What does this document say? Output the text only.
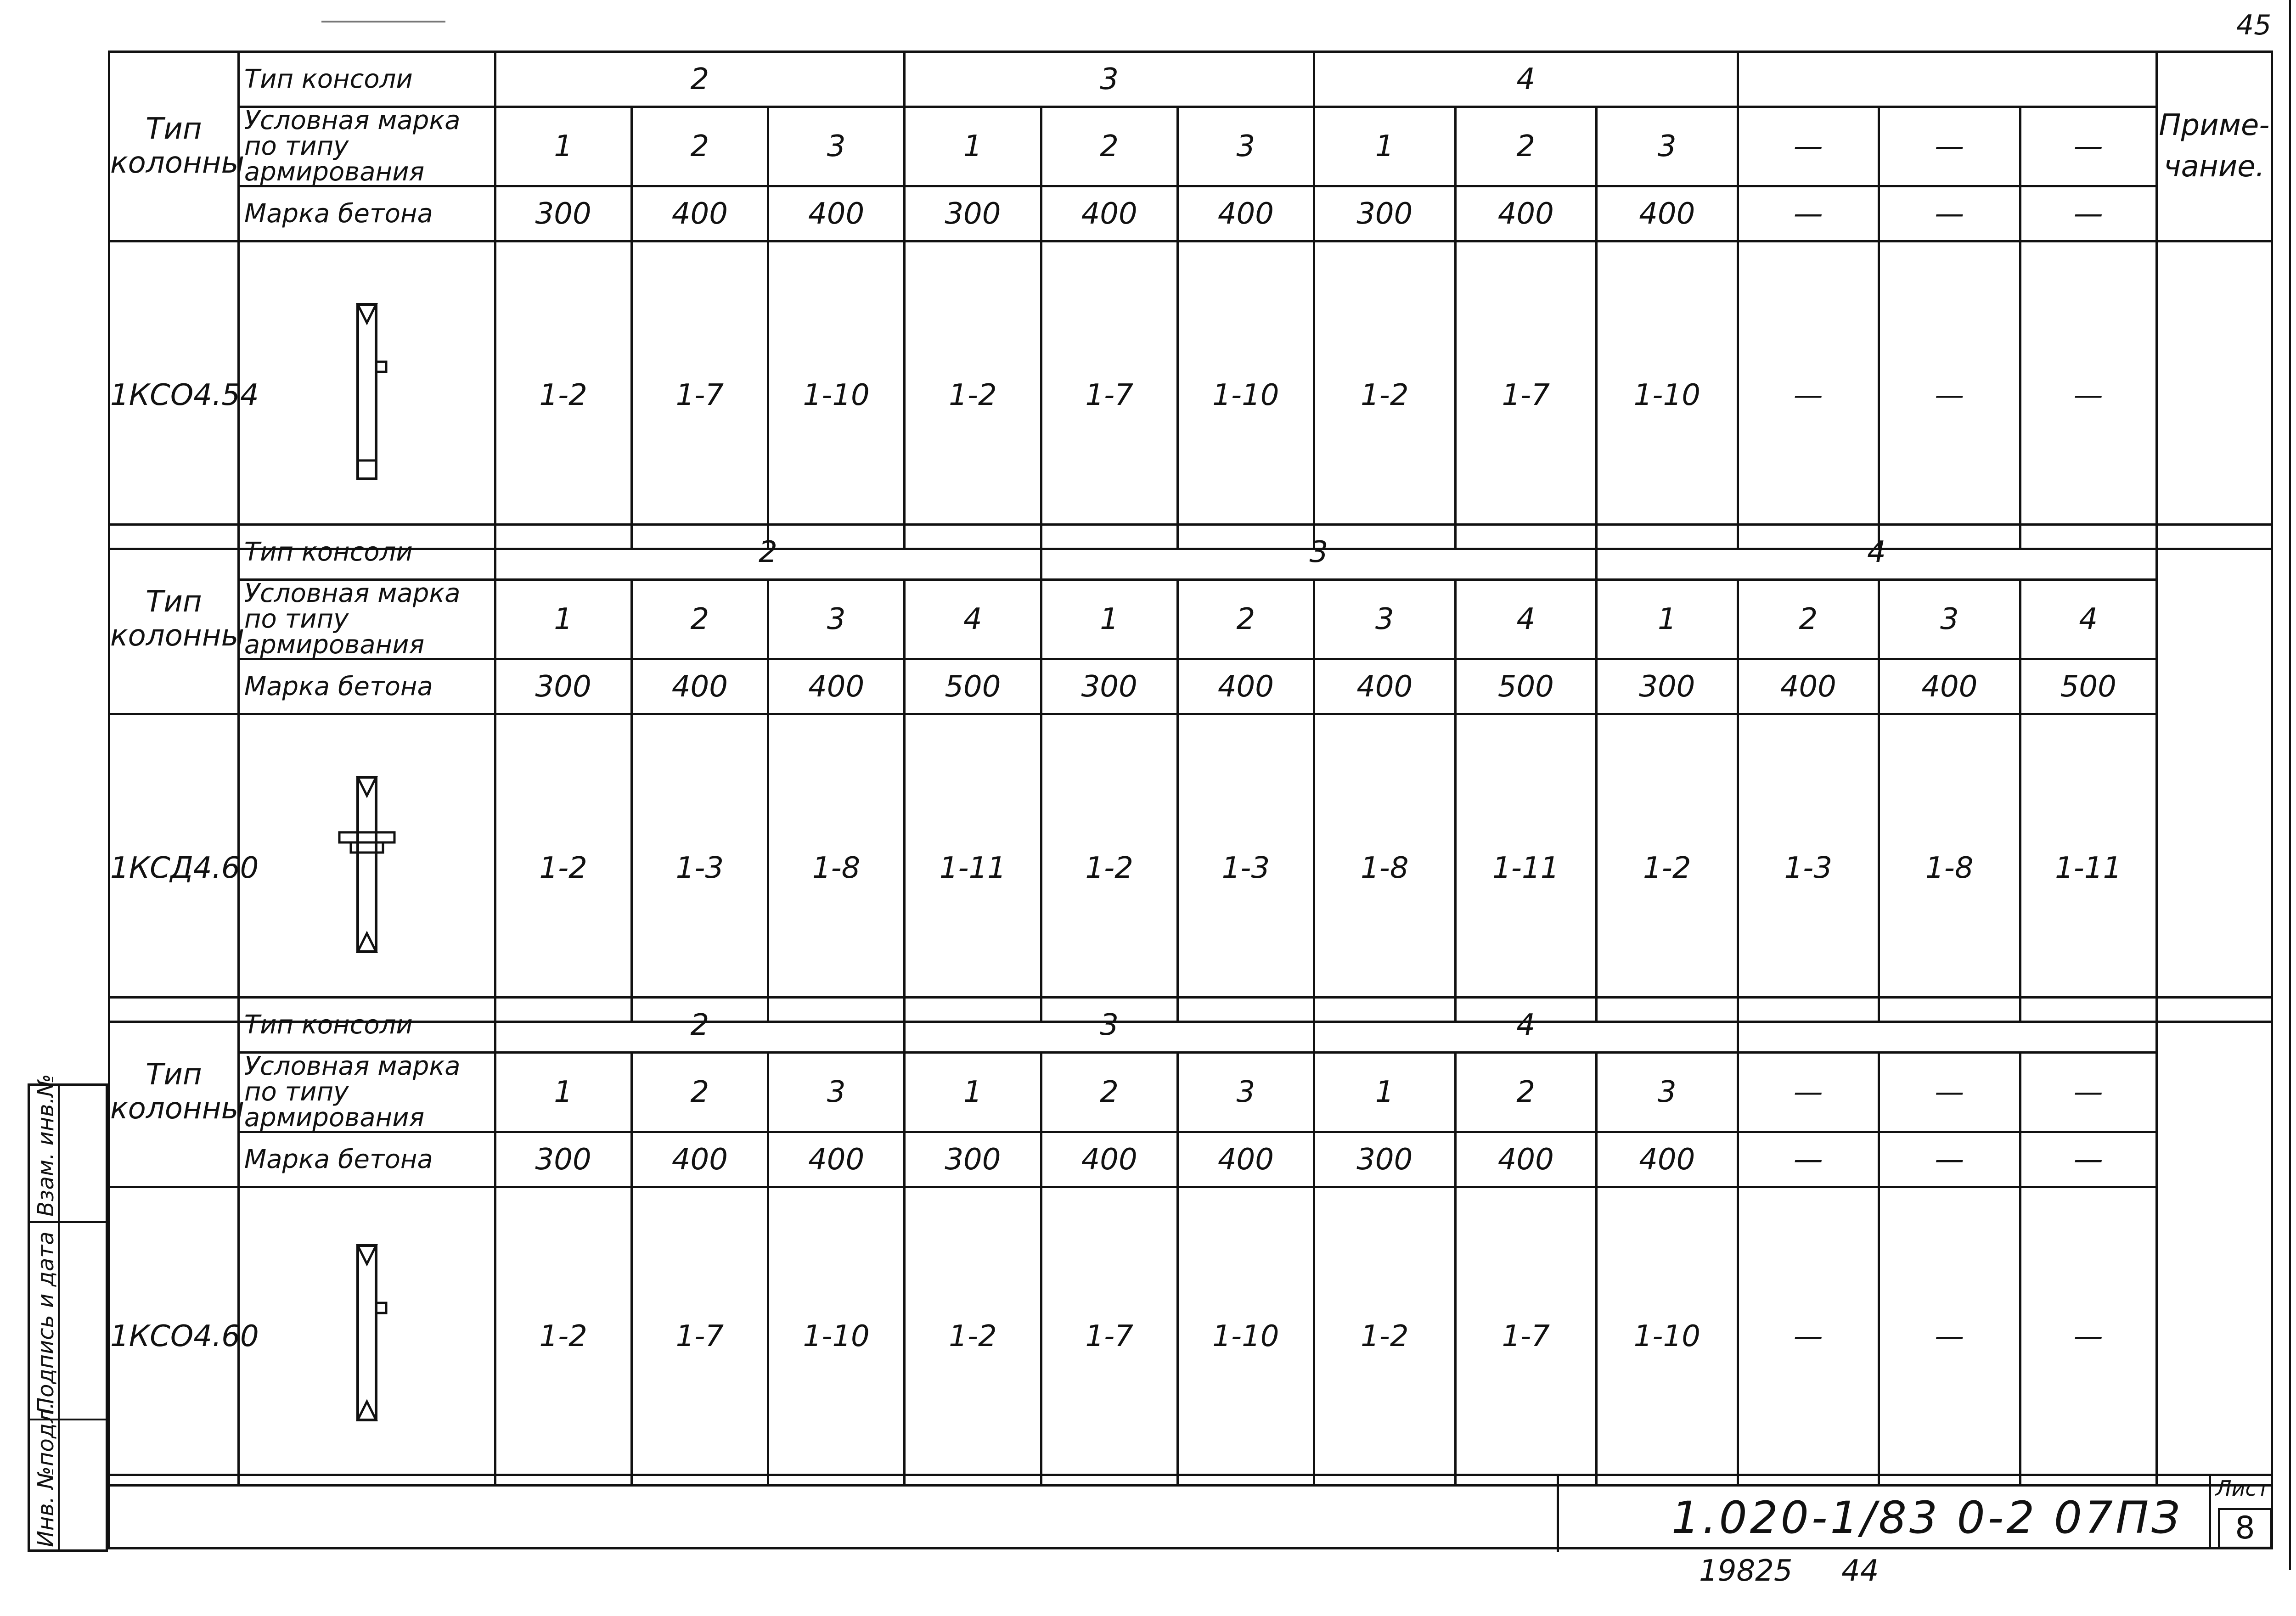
45
Тип колонны	Тип консоли	2			3			4						Приме-чание.
	Условная марка по типу армирования	1	2	3	1	2	3	1	2	3	—	—	—	
	Марка бетона	300	400	400	300	400	400	300	400	400	—	—	—	
1КСО4.54		1-2	1-7	1-10	1-2	1-7	1-10	1-2	1-7	1-10	—	—	—	
Тип колонны	Тип консоли	2				3				4				
	Условная марка по типу армирования	1	2	3	4	1	2	3	4	1	2	3	4	
	Марка бетона	300	400	400	500	300	400	400	500	300	400	400	500	
1КСД4.60		1-2	1-3	1-8	1-11	1-2	1-3	1-8	1-11	1-2	1-3	1-8	1-11	
Тип колонны	Тип консоли	2			3			4						
	Условная марка по типу армирования	1	2	3	1	2	3	1	2	3	—	—	—	
	Марка бетона	300	400	400	300	400	400	300	400	400	—	—	—	
1КСО4.60		1-2	1-7	1-10	1-2	1-7	1-10	1-2	1-7	1-10	—	—	—	
1.020-1/83 0-2 07ПЗ
Лист
8
19825 44
Инв. №подл.
Подпись и дата
Взам. инв.№
